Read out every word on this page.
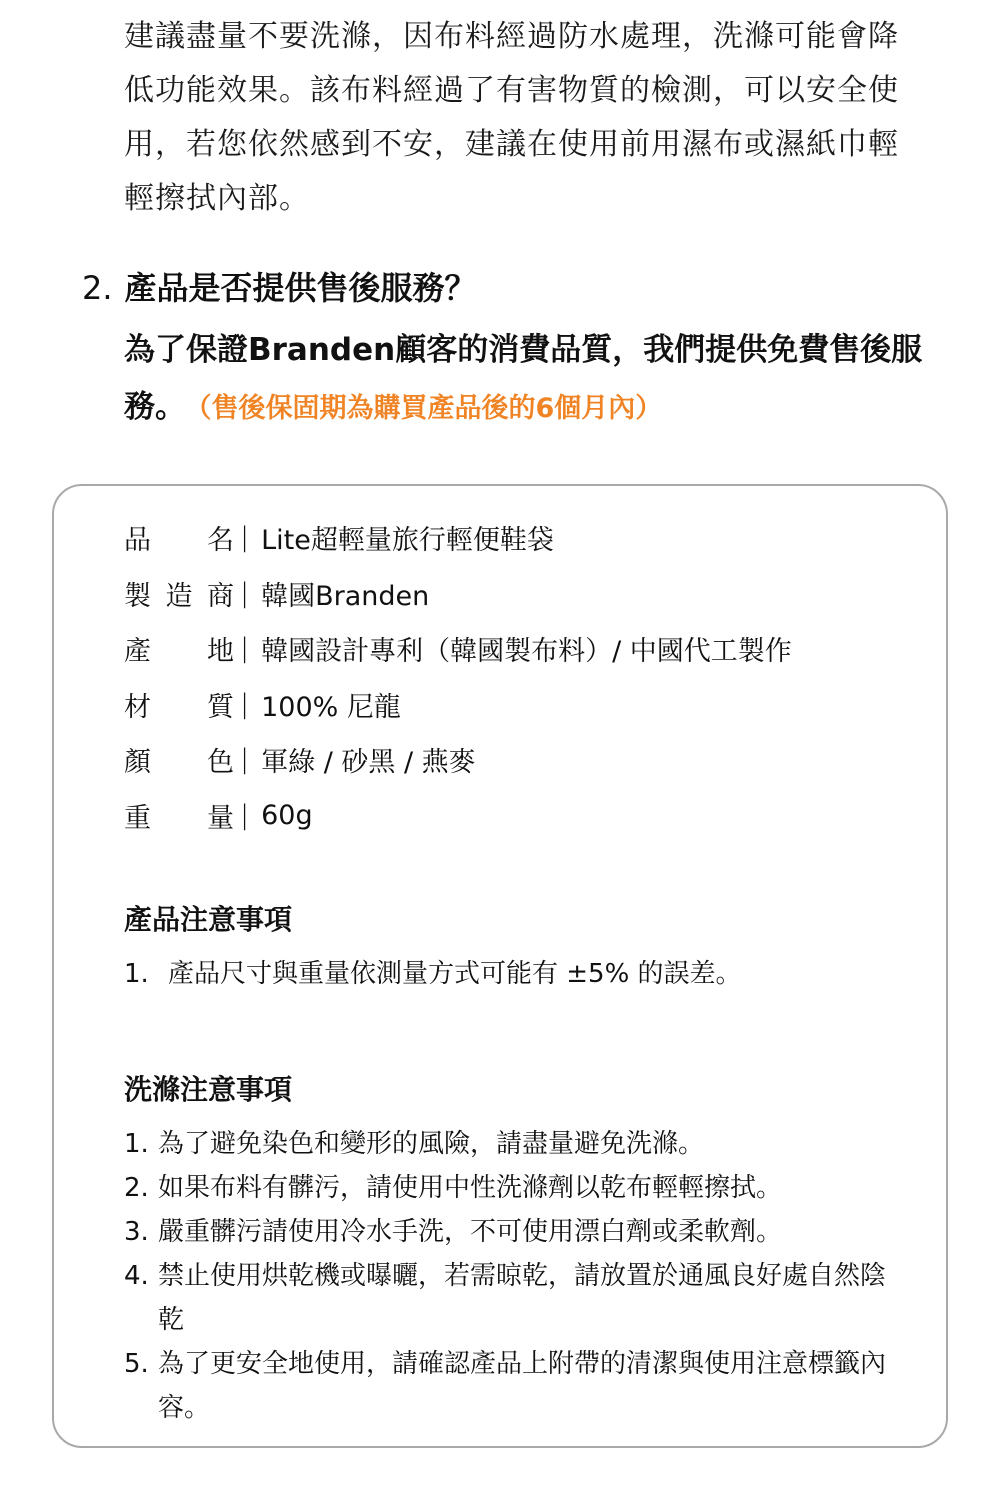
建議盡量不要洗滌，因布料經過防水處理，洗滌可能會降低功能效果。該布料經過了有害物質的檢測，可以安全使用，若您依然感到不安，建議在使用前用濕布或濕紙巾輕輕擦拭內部。

2. 產品是否提供售後服務？

為了保證Branden顧客的消費品質，我們提供免費售後服務。 （售後保固期為購買產品後的6個月內）

品 名 | Lite超輕量旅行輕便鞋袋
製 造 商 | 韓國Branden
產 地 | 韓國設計專利（韓國製布料）/ 中國代工製作
材 質 | 100% 尼龍
顏 色 | 軍綠 / 砂黑 / 燕麥
重 量 | 60g
產品注意事項
1. 產品尺寸與重量依測量方式可能有 ±5% 的誤差。
洗滌注意事項
1. 為了避免染色和變形的風險，請盡量避免洗滌。
2. 如果布料有髒污，請使用中性洗滌劑以乾布輕輕擦拭。
3. 嚴重髒污請使用冷水手洗，不可使用漂白劑或柔軟劑。
4. 禁止使用烘乾機或曝曬，若需晾乾，請放置於通風良好處自然陰乾
5. 為了更安全地使用，請確認產品上附帶的清潔與使用注意標籤內容。
